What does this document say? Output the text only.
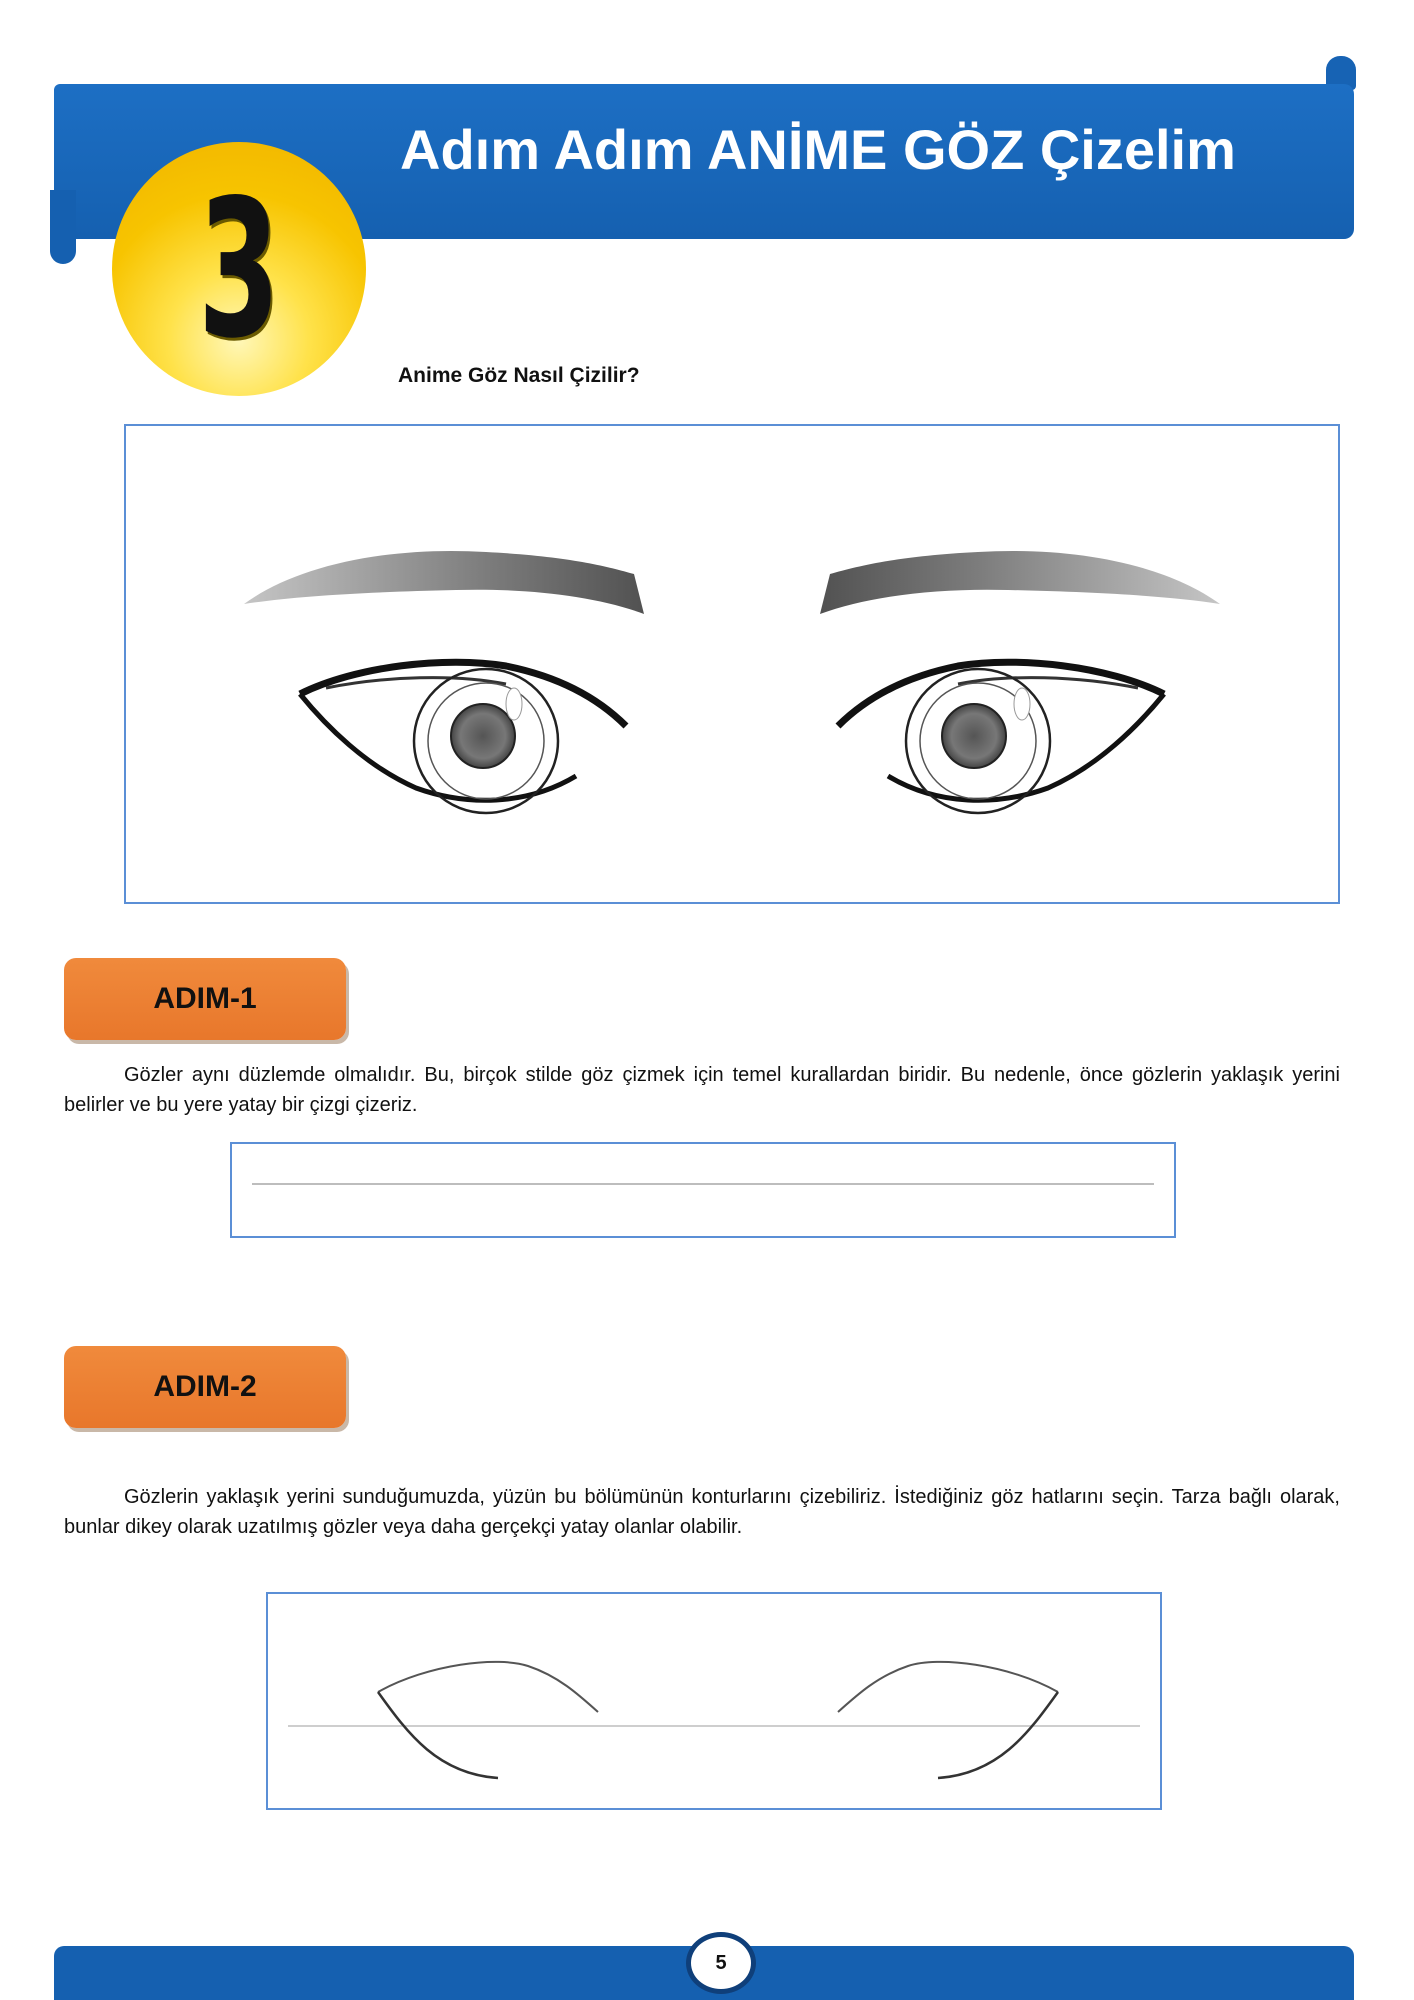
Adım Adım ANİME GÖZ Çizelim
3	Anime Göz Nasıl Çizilir?
ADIM-1
Gözler aynı düzlemde olmalıdır. Bu, birçok stilde göz çizmek için temel kurallardan biridir. Bu nedenle, önce gözlerin yaklaşık yerini belirler ve bu yere yatay bir çizgi çizeriz.
ADIM-2
Gözlerin yaklaşık yerini sunduğumuzda, yüzün bu bölümünün konturlarını çizebiliriz. İstediğiniz göz hatlarını seçin. Tarza bağlı olarak, bunlar dikey olarak uzatılmış gözler veya daha gerçekçi yatay olanlar olabilir.
5
